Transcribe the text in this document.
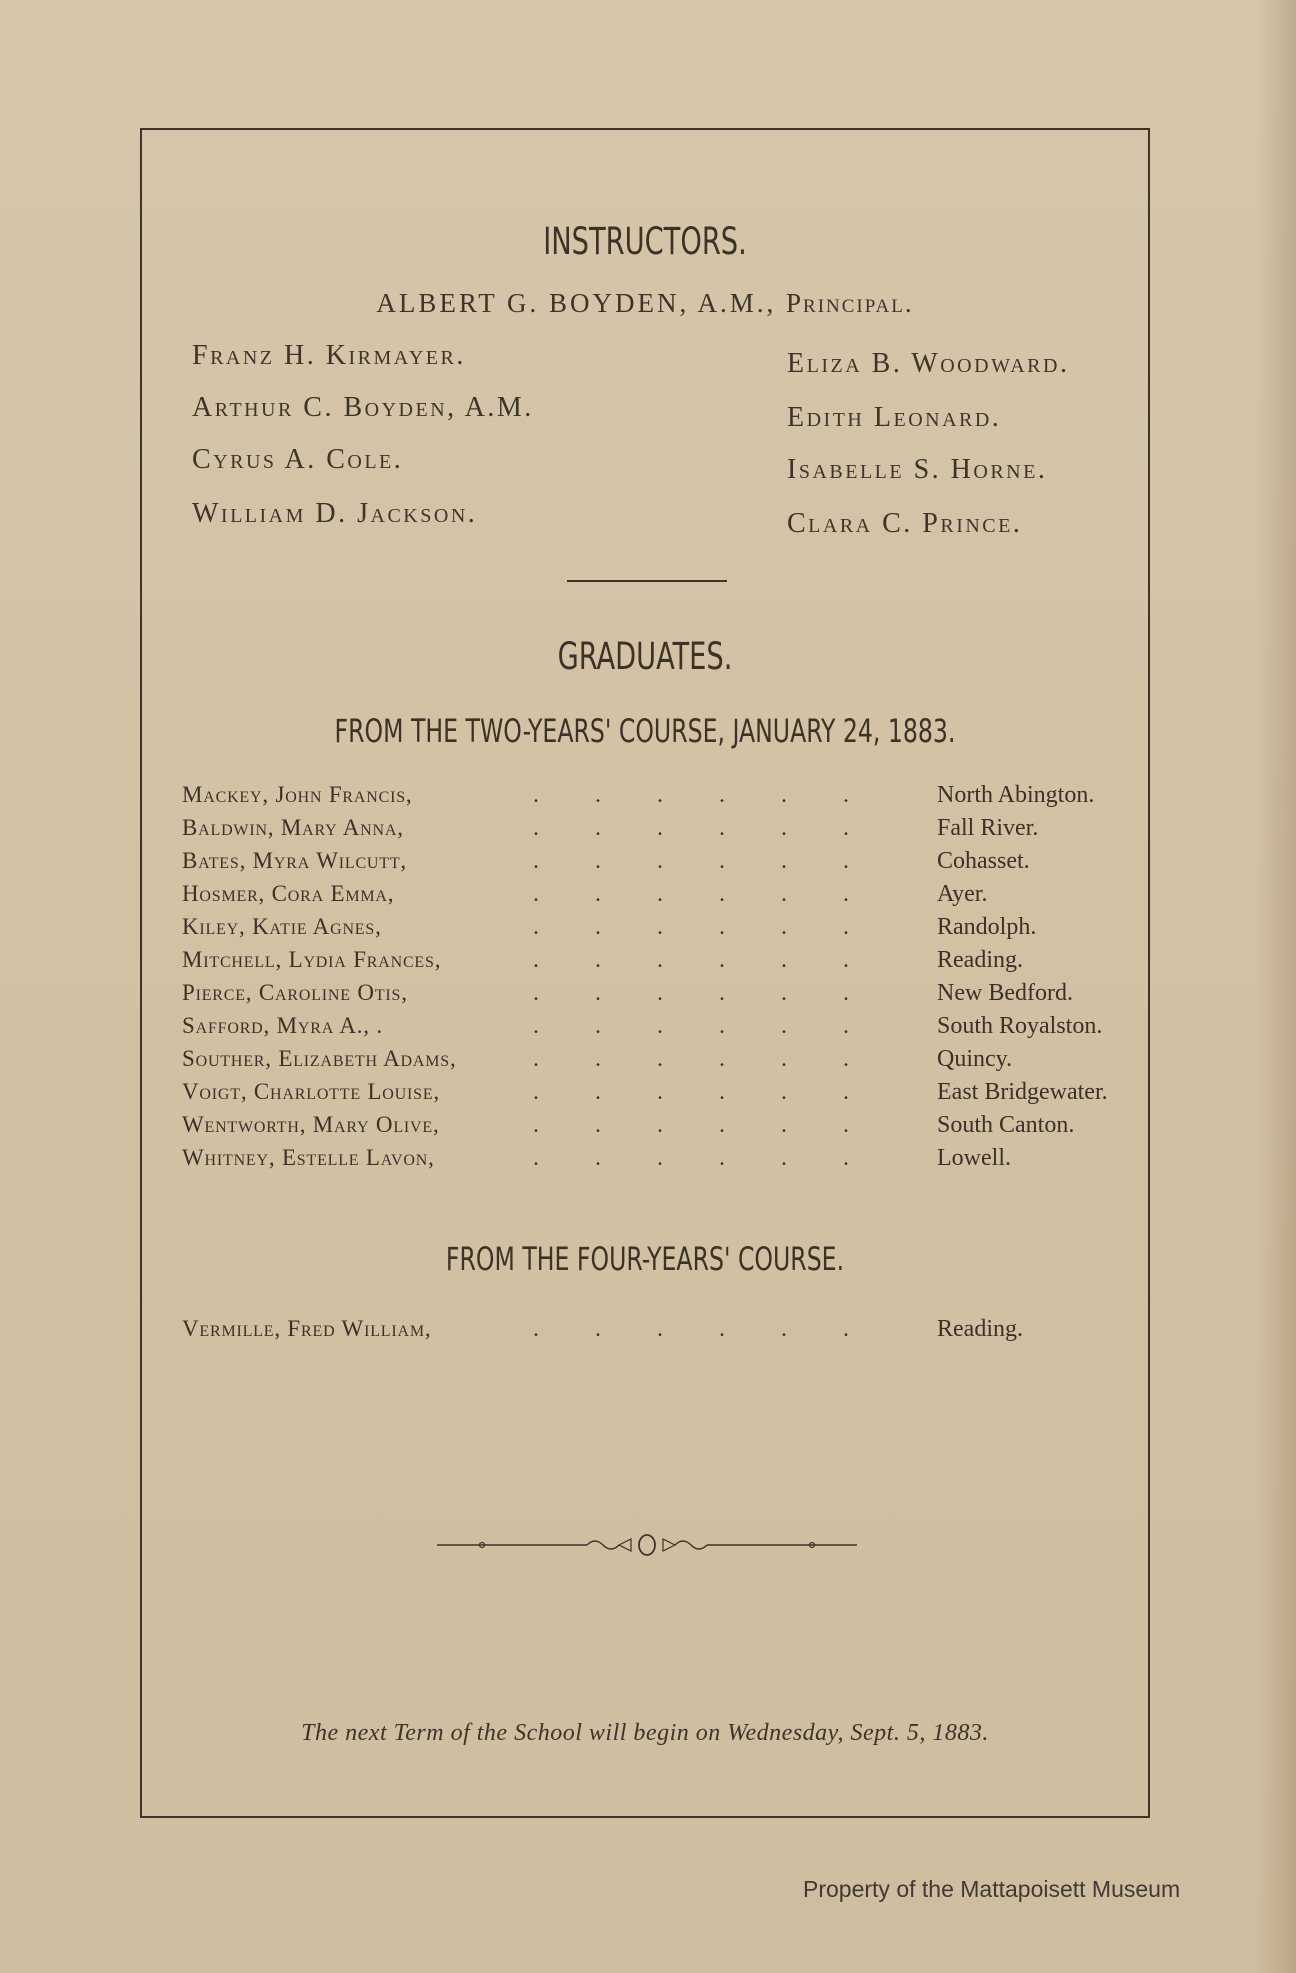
INSTRUCTORS.
ALBERT G. BOYDEN, A.M., Principal.
Franz H. Kirmayer.
Arthur C. Boyden, A.M.
Cyrus A. Cole.
William D. Jackson.
Eliza B. Woodward.
Edith Leonard.
Isabelle S. Horne.
Clara C. Prince.
GRADUATES.
FROM THE TWO-YEARS' COURSE, JANUARY 24, 1883.
Mackey, John Francis,	.	.	.	.	.	.	North Abington.
Baldwin, Mary Anna,	.	.	.	.	.	.	Fall River.
Bates, Myra Wilcutt,	.	.	.	.	.	.	Cohasset.
Hosmer, Cora Emma,	.	.	.	.	.	.	Ayer.
Kiley, Katie Agnes,	.	.	.	.	.	.	Randolph.
Mitchell, Lydia Frances,	.	.	.	.	.	.	Reading.
Pierce, Caroline Otis,	.	.	.	.	.	.	New Bedford.
Safford, Myra A., .	.	.	.	.	.	.	South Royalston.
Souther, Elizabeth Adams,	.	.	.	.	.	.	Quincy.
Voigt, Charlotte Louise,	.	.	.	.	.	.	East Bridgewater.
Wentworth, Mary Olive,	.	.	.	.	.	.	South Canton.
Whitney, Estelle Lavon,	.	.	.	.	.	.	Lowell.
FROM THE FOUR-YEARS' COURSE.
Vermille, Fred William,	.	.	.	.	.	.	Reading.
The next Term of the School will begin on Wednesday, Sept. 5, 1883.
Property of the Mattapoisett Museum
